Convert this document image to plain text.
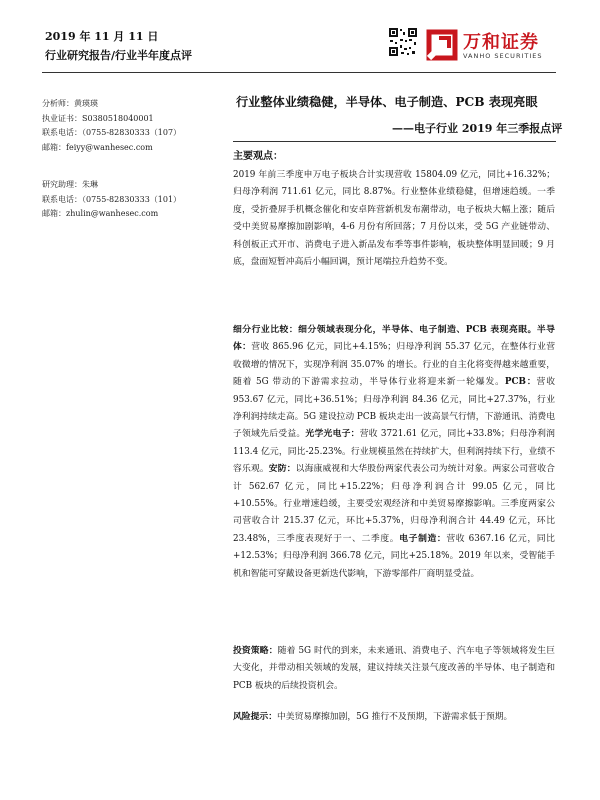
2019 年 11 月 11 日
行业研究报告/行业半年度点评
万和证券
VANHO SECURITIES
分析师：黄瑛瑛
执业证书：S0380518040001
联系电话：（0755-82830333（107）
邮箱：feiyy@wanhesec.com
研究助理：朱琳
联系电话：（0755-82830333（101）
邮箱：zhulin@wanhesec.com
行业整体业绩稳健，半导体、电子制造、PCB 表现亮眼
——电子行业 2019 年三季报点评
主要观点：

2019 年前三季度申万电子板块合计实现营收 15804.09 亿元，同比+16.32%；归母净利润 711.61 亿元，同比 8.87%。行业整体业绩稳健，但增速趋缓。一季度，受折叠屏手机概念催化和安卓阵营新机发布潮带动，电子板块大幅上涨；随后受中美贸易摩擦加剧影响，4-6 月份有所回落；7 月份以来，受 5G 产业链带动、科创板正式开市、消费电子进入新品发布季等事件影响，板块整体明显回暖；9 月底，盘面短暂冲高后小幅回调，预计尾端拉升趋势不变。

细分行业比较：细分领域表现分化，半导体、电子制造、PCB 表现亮眼。半导体：营收 865.96 亿元，同比+4.15%；归母净利润 55.37 亿元，在整体行业营收微增的情况下，实现净利润 35.07% 的增长。行业的自主化将变得越来越重要，随着 5G 带动的下游需求拉动，半导体行业将迎来新一轮爆发。PCB：营收 953.67 亿元，同比+36.51%；归母净利润 84.36 亿元，同比+27.37%，行业净利润持续走高。5G 建设拉动 PCB 板块走出一波高景气行情，下游通讯、消费电子领域先后受益。光学光电子：营收 3721.61 亿元，同比+33.8%；归母净利润 113.4 亿元，同比-25.23%。行业规模虽然在持续扩大，但利润持续下行，业绩不容乐观。安防：以海康威视和大华股份两家代表公司为统计对象。两家公司营收合计 562.67 亿元，同比+15.22%；归母净利润合计 99.05 亿元，同比+10.55%。行业增速趋缓，主要受宏观经济和中美贸易摩擦影响。三季度两家公司营收合计 215.37 亿元，环比+5.37%，归母净利润合计 44.49 亿元，环比 23.48%，三季度表现好于一、二季度。电子制造：营收 6367.16 亿元，同比+12.53%；归母净利润 366.78 亿元，同比+25.18%。2019 年以来，受智能手机和智能可穿戴设备更新迭代影响，下游零部件厂商明显受益。

投资策略：随着 5G 时代的到来，未来通讯、消费电子、汽车电子等领域将发生巨大变化，并带动相关领域的发展，建议持续关注景气度改善的半导体、电子制造和 PCB 板块的后续投资机会。

风险提示：中美贸易摩擦加剧，5G 推行不及预期，下游需求低于预期。
